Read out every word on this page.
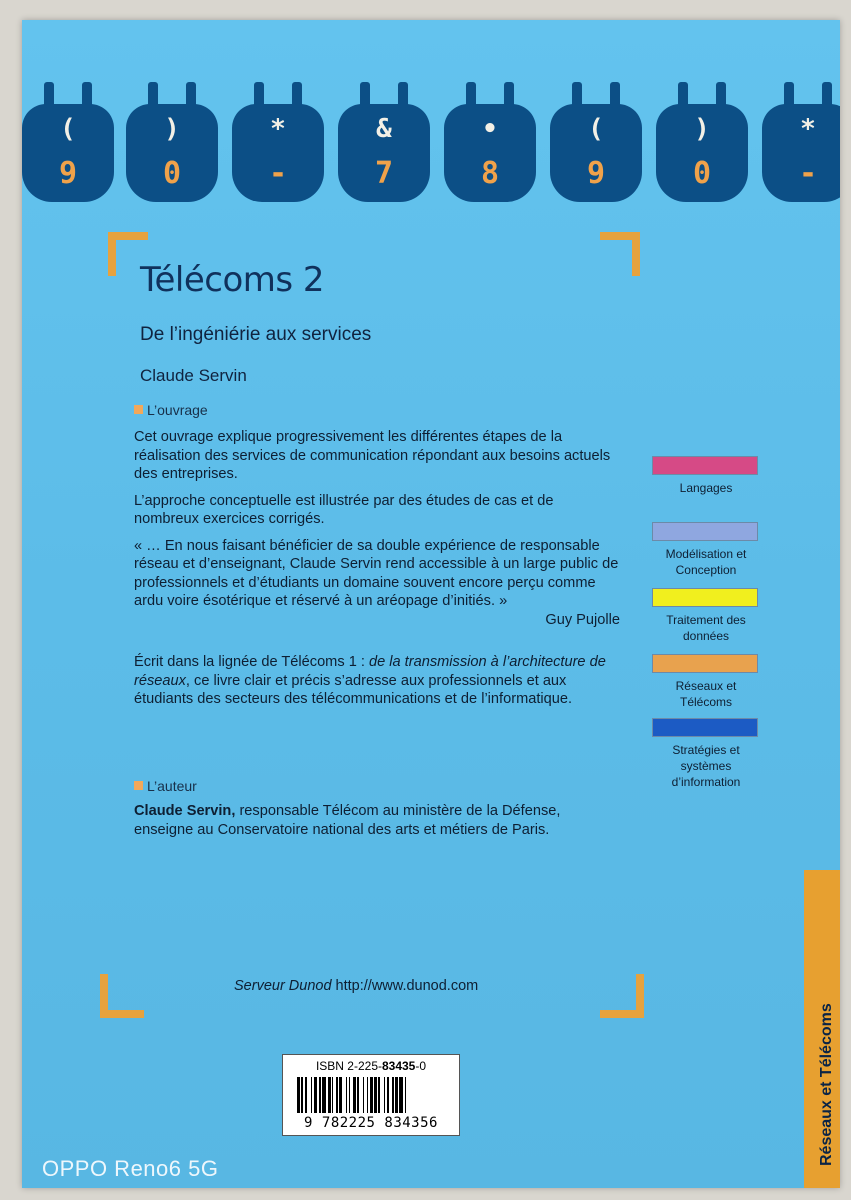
(
9
)
0
*
-
&
7
•
8
(
9
)
0
*
-
Télécoms 2
De l’ingéniérie aux services
Claude Servin
L’ouvrage

Cet ouvrage explique progressivement les différentes étapes de la réalisation des services de communication répondant aux besoins actuels des entreprises.

L’approche conceptuelle est illustrée par des études de cas et de nombreux exercices corrigés.

« … En nous faisant bénéficier de sa double expérience de responsable réseau et d’enseignant, Claude Servin rend accessible à un large public de professionnels et d’étudiants un domaine souvent encore perçu comme ardu voire ésotérique et réservé à un aréopage d’initiés. »

Guy Pujolle

Écrit dans la lignée de Télécoms 1 : de la transmission à l’architecture de réseaux, ce livre clair et précis s’adresse aux professionnels et aux étudiants des secteurs des télécommunications et de l’informatique.

L’auteur

Claude Servin, responsable Télécom au ministère de la Défense, enseigne au Conservatoire national des arts et métiers de Paris.

Serveur Dunod http://www.dunod.com
Langages
Modélisation et Conception
Traitement des données
Réseaux et Télécoms
Stratégies et systèmes d’information
Réseaux et Télécoms
ISBN 2-225-83435-0
9 782225 834356
OPPO Reno6 5G
